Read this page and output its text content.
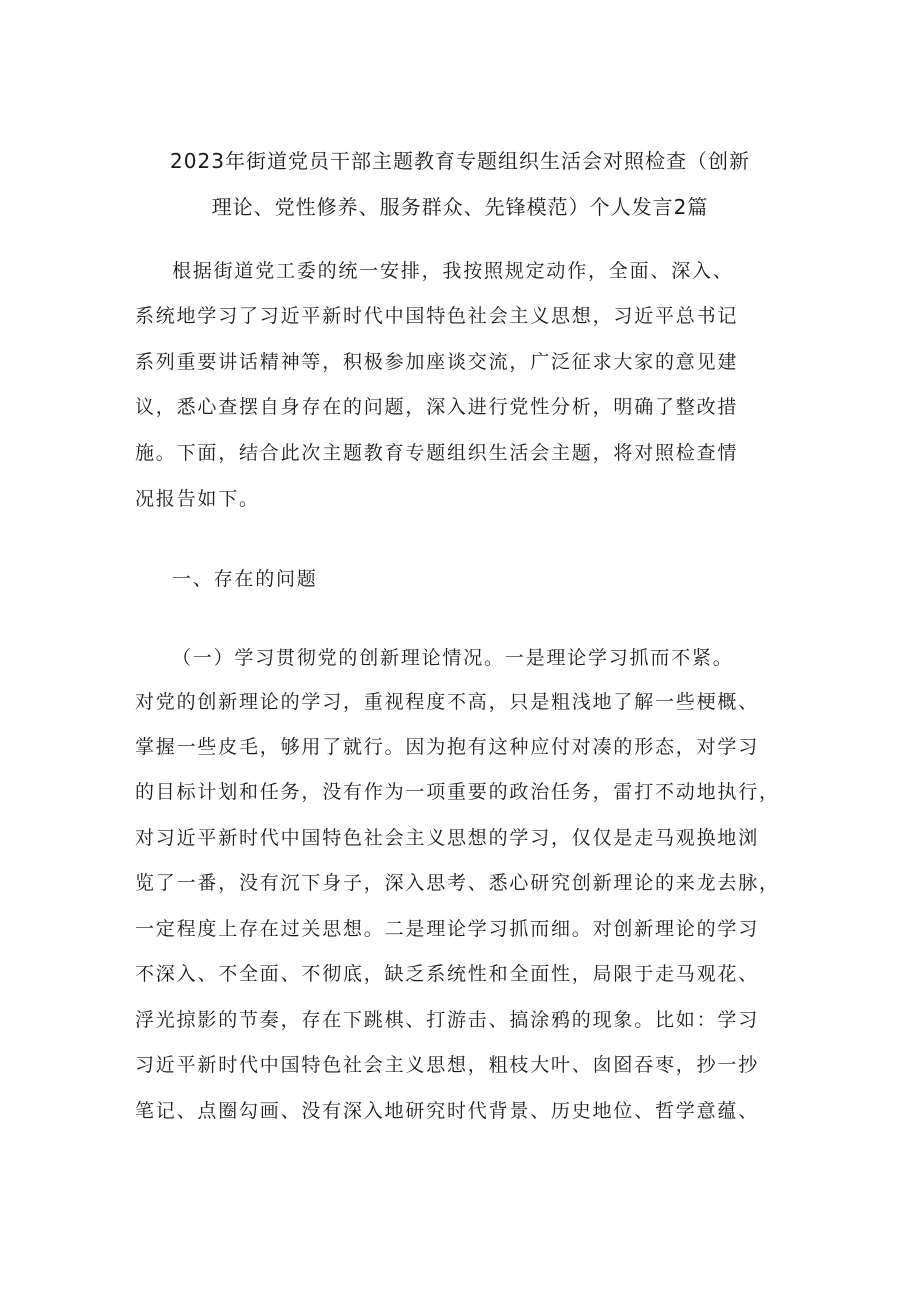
2023年街道党员干部主题教育专题组织生活会对照检查（创新
理论、党性修养、服务群众、先锋模范）个人发言2篇
根据街道党工委的统一安排，我按照规定动作，全面、深入、
系统地学习了习近平新时代中国特色社会主义思想，习近平总书记
系列重要讲话精神等，积极参加座谈交流，广泛征求大家的意见建
议，悉心查摆自身存在的问题，深入进行党性分析，明确了整改措
施。下面，结合此次主题教育专题组织生活会主题，将对照检查情
况报告如下。
一、存在的问题
（一）学习贯彻党的创新理论情况。一是理论学习抓而不紧。
对党的创新理论的学习，重视程度不高，只是粗浅地了解一些梗概、
掌握一些皮毛，够用了就行。因为抱有这种应付对凑的形态，对学习
的目标计划和任务，没有作为一项重要的政治任务，雷打不动地执行，
对习近平新时代中国特色社会主义思想的学习，仅仅是走马观换地浏
览了一番，没有沉下身子，深入思考、悉心研究创新理论的来龙去脉，
一定程度上存在过关思想。二是理论学习抓而细。对创新理论的学习
不深入、不全面、不彻底，缺乏系统性和全面性，局限于走马观花、
浮光掠影的节奏，存在下跳棋、打游击、搞涂鸦的现象。比如：学习
习近平新时代中国特色社会主义思想，粗枝大叶、囱囵吞枣，抄一抄
笔记、点圈勾画、没有深入地研究时代背景、历史地位、哲学意蕴、
